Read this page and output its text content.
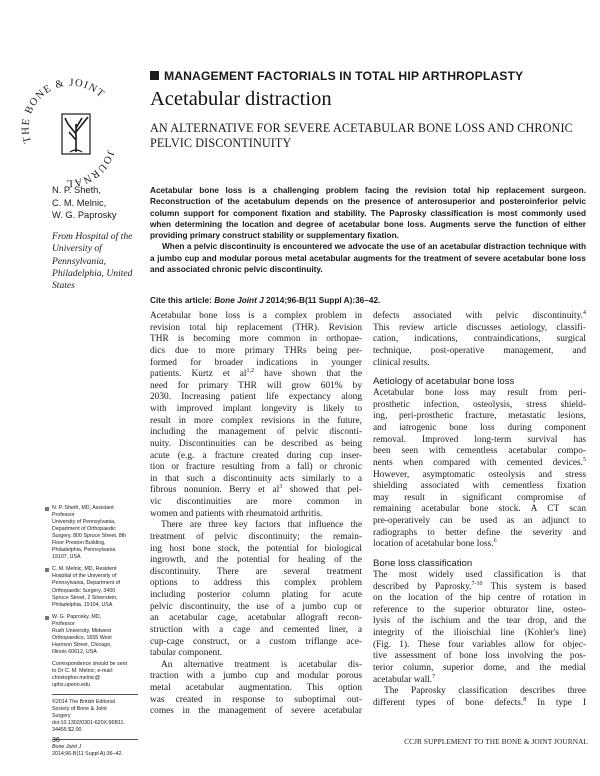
THE BONE & JOINT
JOURNAL
MANAGEMENT FACTORIALS IN TOTAL HIP ARTHROPLASTY
Acetabular distraction
AN ALTERNATIVE FOR SEVERE ACETABULAR BONE LOSS AND CHRONIC PELVIC DISCONTINUITY
N. P. Sheth,
C. M. Melnic,
W. G. Paprosky
From Hospital of the
University of
Pennsylvania,
Philadelphia, United
States

Acetabular bone loss is a challenging problem facing the revision total hip replacement surgeon. Reconstruction of the acetabulum depends on the presence of anterosuperior and posteroinferior pelvic column support for component fixation and stability. The Paprosky classification is most commonly used when determining the location and degree of acetabular bone loss. Augments serve the function of either providing primary construct stability or supplementary fixation.

When a pelvic discontinuity is encountered we advocate the use of an acetabular distraction technique with a jumbo cup and modular porous metal acetabular augments for the treatment of severe acetabular bone loss and associated chronic pelvic discontinuity.

Cite this article: Bone Joint J 2014;96-B(11 Suppl A):36–42.
Acetabular bone loss is a complex problem in
revision total hip replacement (THR). Revision
THR is becoming more common in orthopae-
dics due to more primary THRs being per-
formed for broader indications in younger
patients. Kurtz et al$^{1,2}$ have shown that the
need for primary THR will grow 601% by
2030. Increasing patient life expectancy along
with improved implant longevity is likely to
result in more complex revisions in the future,
including the management of pelvic disconti-
nuity. Discontinuities can be described as being
acute (e.g. a fracture created during cup inser-
tion or fracture resulting from a fall) or chronic
in that such a discontinuity acts similarly to a
fibrous nonunion. Berry et $al^3$ showed that pel-
vic discontinuities are more common in
women and patients with rheumatoid arthritis.
There are three key factors that influence the
treatment of pelvic discontinuity; the remain-
ing host bone stock, the potential for biological
ingrowth, and the potential for healing of the
discontinuity. There are several treatment
options to address this complex problem
including posterior column plating for acute
pelvic discontinuity, the use of a jumbo cup or
an acetabular cage, acetabular allograft recon-
struction with a cage and cemented liner, a
cup-cage construct, or a custom triflange ace-
tabular component.
An alternative treatment is acetabular dis-
traction with a jumbo cup and modular porous
metal acetabular augmentation. This option
was created in response to suboptimal out-
comes in the management of severe acetabular
defects associated with pelvic discontinuity.$^4$
This review article discusses aetiology, classifi-
cation, indications, contraindications, surgical
technique, post-operative management, and
clinical results.
Aetiology of acetabular bone loss
Acetabular bone loss may result from peri-
prosthetic infection, osteolysis, stress shield-
ing, peri-prosthetic fracture, metastatic lesions,
and iatrogenic bone loss during component
removal. Improved long-term survival has
been seen with cementless acetabular compo-
nents when compared with cemented devices.$^5$
However, asymptomatic osteolysis and stress
shielding associated with cementless fixation
may result in significant compromise of
remaining acetabular bone stock. A CT scan
pre-operatively can be used as an adjunct to
radiographs to better define the severity and
location of acetabular bone loss.$^6$
Bone loss classification
The most widely used classification is that
described by Paprosky.$^{7-10}$ This system is based
on the location of the hip centre of rotation in
reference to the superior obturator line, osteo-
lysis of the ischium and the tear drop, and the
integrity of the ilioischial line (Kohler's line)
(Fig. 1). These four variables allow for objec-
tive assessment of bone loss involving the pos-
terior column, superior dome, and the medial
acetabular wall.$^7$
The Paprosky classification describes three
different types of bone defects.$^8$ In type I
N. P. Sheth, MD, Assistant
Professor
University of Pennsylvania,
Department of Orthopaedic
Surgery, 800 Spruce Street, 8th
Floor Preston Building,
Philadelphia, Pennsylvania
19107, USA
C. M. Melnic, MD, Resident
Hospital of the University of
Pennsylvania, Department of
Orthopaedic Surgery, 3400
Spruce Street, 2 Silverstein,
Philadelphia, 19104, USA
W. G. Paprosky, MD,
Professor
Rush University, Midwest
Orthopaedics, 1655 West
Harrison Street, Chicago,
Illinois 60612, USA
Correspondence should be sent
to Dr C. M. Melnic; e-mail:
christopher.melnic@
uphs.upenn.edu
©2014 The British Editorial
Society of Bone & Joint
Surgery
doi:10.1302/0301-620X.96B11.
34455 $2.00
Bone Joint J
2014;96-B(11 Suppl A):36–42.
36	CCJR SUPPLEMENT TO THE BONE & JOINT JOURNAL
